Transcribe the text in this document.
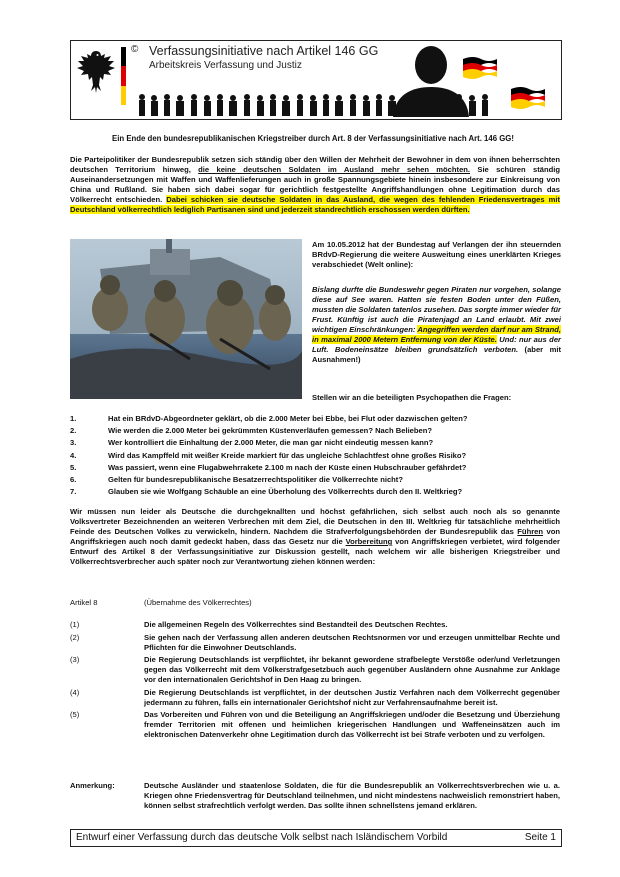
© Verfassungsinitiative nach Artikel 146 GG
Arbeitskreis Verfassung und Justiz
Ein Ende den bundesrepublikanischen Kriegstreiber durch Art. 8 der Verfassungsinitiative nach Art. 146 GG!
Die Parteipolitiker der Bundesrepublik setzen sich ständig über den Willen der Mehrheit der Bewohner in dem von ihnen beherrschten deutschen Territorium hinweg, die keine deutschen Soldaten im Ausland mehr sehen möchten. Sie schüren ständig Auseinandersetzungen mit Waffen und Waffenlieferungen auch in große Spannungsgebiete hinein insbesondere zur Einkreisung von China und Rußland. Sie haben sich dabei sogar für gerichtlich festgestellte Angriffshandlungen ohne Legitimation durch das Völkerrecht entschieden. Dabei schicken sie deutsche Soldaten in das Ausland, die wegen des fehlenden Friedensvertrages mit Deutschland völkerrechtlich lediglich Partisanen sind und jederzeit standrechtlich erschossen werden dürften.
Am 10.05.2012 hat der Bundestag auf Verlangen der ihn steuernden BRdvD-Regierung die weitere Ausweitung eines unerklärten Krieges verabschiedet (Welt online):
Bislang durfte die Bundeswehr gegen Piraten nur vorgehen, solange diese auf See waren. Hatten sie festen Boden unter den Füßen, mussten die Soldaten tatenlos zusehen. Das sorgte immer wieder für Frust. Künftig ist auch die Piratenjagd an Land erlaubt. Mit zwei wichtigen Einschränkungen: Angegriffen werden darf nur am Strand, in maximal 2000 Metern Entfernung von der Küste. Und: nur aus der Luft. Bodeneinsätze bleiben grundsätzlich verboten. (aber mit Ausnahmen!)
Stellen wir an die beteiligten Psychopathen die Fragen:
1.	Hat ein BRdvD-Abgeordneter geklärt, ob die 2.000 Meter bei Ebbe, bei Flut oder dazwischen gelten?
2.	Wie werden die 2.000 Meter bei gekrümmten Küstenverläufen gemessen? Nach Belieben?
3.	Wer kontrolliert die Einhaltung der 2.000 Meter, die man gar nicht eindeutig messen kann?
4.	Wird das Kampffeld mit weißer Kreide markiert für das ungleiche Schlachtfest ohne großes Risiko?
5.	Was passiert, wenn eine Flugabwehrrakete 2.100 m nach der Küste einen Hubschrauber gefährdet?
6.	Gelten für bundesrepublikanische Besatzerrechtspolitiker die Völkerrechte nicht?
7.	Glauben sie wie Wolfgang Schäuble an eine Überholung des Völkerrechts durch den II. Weltkrieg?
Wir müssen nun leider als Deutsche die durchgeknallten und höchst gefährlichen, sich selbst auch noch als so genannte Volksvertreter Bezeichnenden an weiteren Verbrechen mit dem Ziel, die Deutschen in den III. Weltkrieg für tatsächliche mehrheitlich Feinde des Deutschen Volkes zu verwickeln, hindern. Nachdem die Strafverfolgungsbehörden der Bundesrepublik das Führen von Angriffskriegen auch noch damit gedeckt haben, dass das Gesetz nur die Vorbereitung von Angriffskriegen verbietet, wird folgender Entwurf des Artikel 8 der Verfassungsinitiative zur Diskussion gestellt, nach welchem wir alle bisherigen Kriegstreiber und Völkerrechtsverbrecher auch später noch zur Verantwortung ziehen können werden:
Artikel 8	(Übernahme des Völkerrechtes)
(1)	Die allgemeinen Regeln des Völkerrechtes sind Bestandteil des Deutschen Rechtes.
(2)	Sie gehen nach der Verfassung allen anderen deutschen Rechtsnormen vor und erzeugen unmittelbar Rechte und Pflichten für die Einwohner Deutschlands.
(3)	Die Regierung Deutschlands ist verpflichtet, ihr bekannt gewordene strafbelegte Verstöße oder/und Verletzungen gegen das Völkerrecht mit dem Völkerstrafgesetzbuch auch gegenüber Ausländern ohne Ausnahme zur Anklage vor den internationalen Gerichtshof in Den Haag zu bringen.
(4)	Die Regierung Deutschlands ist verpflichtet, in der deutschen Justiz Verfahren nach dem Völkerrecht gegenüber jedermann zu führen, falls ein internationaler Gerichtshof nicht zur Verfahrensaufnahme bereit ist.
(5)	Das Vorbereiten und Führen von und die Beteiligung an Angriffskriegen und/oder die Besetzung und Überziehung fremder Territorien mit offenen und heimlichen kriegerischen Handlungen und Waffeneinsätzen auch im elektronischen Datenverkehr ohne Legitimation durch das Völkerrecht ist bei Strafe verboten und zu verfolgen.
Anmerkung:	Deutsche Ausländer und staatenlose Soldaten, die für die Bundesrepublik an Völkerrechtsverbrechen wie u. a. Kriegen ohne Friedensvertrag für Deutschland teilnehmen, und nicht mindestens nachweislich remonstriert haben, können selbst strafrechtlich verfolgt werden. Das sollte ihnen schnellstens jemand erklären.
Entwurf einer Verfassung durch das deutsche Volk selbst nach Isländischem Vorbild	Seite 1
